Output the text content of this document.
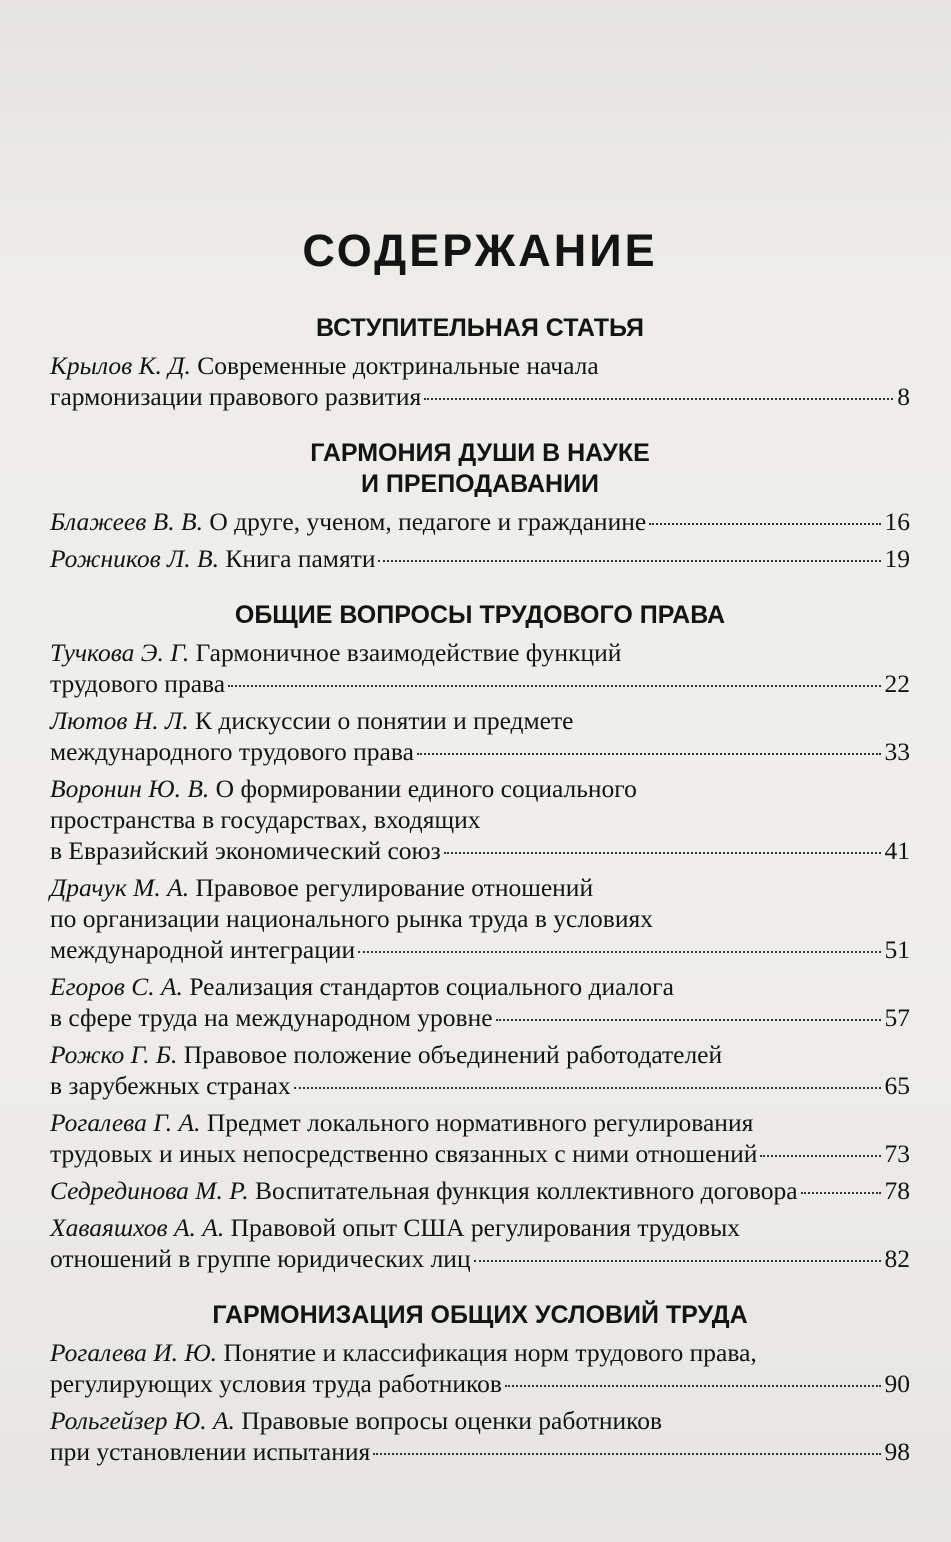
СОДЕРЖАНИЕ
ВСТУПИТЕЛЬНАЯ СТАТЬЯ
Крылов К. Д. Современные доктринальные начала
гармонизации правового развития	8
ГАРМОНИЯ ДУШИ В НАУКЕ
И ПРЕПОДАВАНИИ
Блажеев В. В. О друге, ученом, педагоге и гражданине	16
Рожников Л. В. Книга памяти	19
ОБЩИЕ ВОПРОСЫ ТРУДОВОГО ПРАВА
Тучкова Э. Г. Гармоничное взаимодействие функций
трудового права	22
Лютов Н. Л. К дискуссии о понятии и предмете
международного трудового права	33
Воронин Ю. В. О формировании единого социального
пространства в государствах, входящих
в Евразийский экономический союз	41
Драчук М. А. Правовое регулирование отношений
по организации национального рынка труда в условиях
международной интеграции	51
Егоров С. А. Реализация стандартов социального диалога
в сфере труда на международном уровне	57
Рожко Г. Б. Правовое положение объединений работодателей
в зарубежных странах	65
Рогалева Г. А. Предмет локального нормативного регулирования
трудовых и иных непосредственно связанных с ними отношений	73
Седрединова М. Р. Воспитательная функция коллективного договора	78
Хаваяшхов А. А. Правовой опыт США регулирования трудовых
отношений в группе юридических лиц	82
ГАРМОНИЗАЦИЯ ОБЩИХ УСЛОВИЙ ТРУДА
Рогалева И. Ю. Понятие и классификация норм трудового права,
регулирующих условия труда работников	90
Рольгейзер Ю. А. Правовые вопросы оценки работников
при установлении испытания	98
